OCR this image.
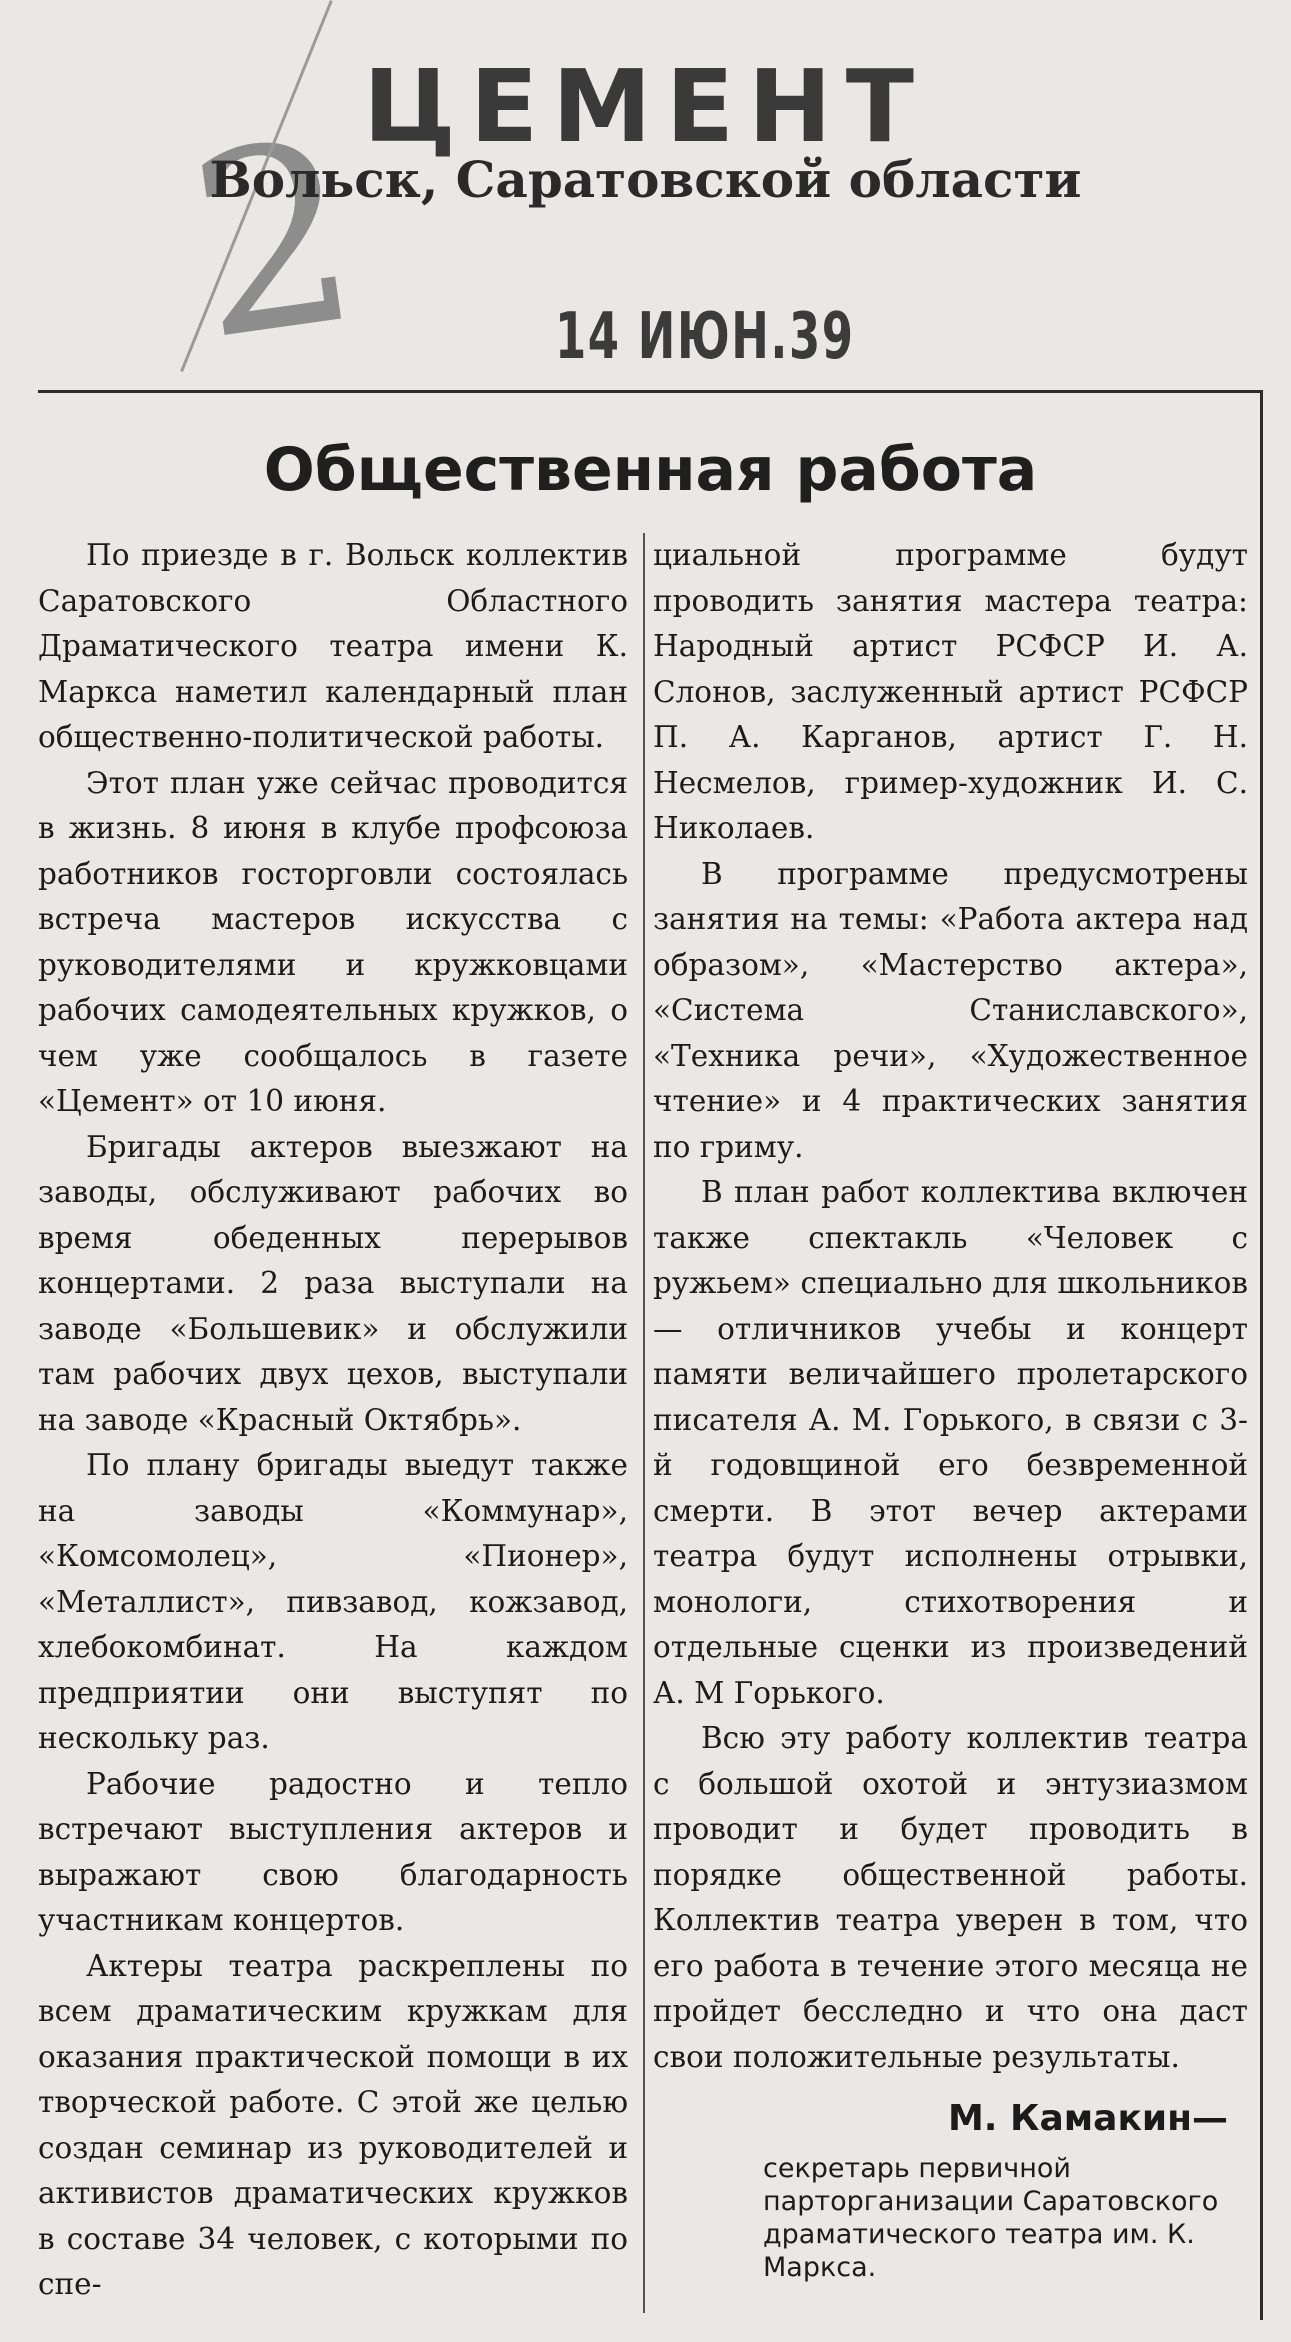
2
ЦЕМЕНТ
Вольск, Саратовской области
14 ИЮН.39
Общественная работа

По приезде в г. Вольск коллектив Саратовского Областного Драматического театра имени К. Маркса наметил календарный план общественно-политической работы.

Этот план уже сейчас проводится в жизнь. 8 июня в клубе профсоюза работников госторговли состоялась встреча мастеров искусства с руководителями и кружковцами рабочих самодеятельных кружков, о чем уже сообщалось в газете «Цемент» от 10 июня.

Бригады актеров выезжают на заводы, обслуживают рабочих во время обеденных перерывов концертами. 2 раза выступали на заводе «Большевик» и обслужили там рабочих двух цехов, выступали на заводе «Красный Октябрь».

По плану бригады выедут также на заводы «Коммунар», «Комсомолец», «Пионер», «Металлист», пивзавод, кожзавод, хлебокомбинат. На каждом предприятии они выступят по нескольку раз.

Рабочие радостно и тепло встречают выступления актеров и выражают свою благодарность участникам концертов.

Актеры театра раскреплены по всем драматическим кружкам для оказания практической помощи в их творческой работе. С этой же целью создан семинар из руководителей и активистов драматических кружков в составе 34 человек, с которыми по спе-

циальной программе будут проводить занятия мастера театра: Народный артист РСФСР И. А. Слонов, заслуженный артист РСФСР П. А. Карганов, артист Г. Н. Несмелов, гример-художник И. С. Николаев.

В программе предусмотрены занятия на темы: «Работа актера над образом», «Мастерство актера», «Система Станиславского», «Техника речи», «Художественное чтение» и 4 практических занятия по гриму.

В план работ коллектива включен также спектакль «Человек с ружьем» специально для школьников — отличников учебы и концерт памяти величайшего пролетарского писателя А. М. Горького, в связи с 3-й годовщиной его безвременной смерти. В этот вечер актерами театра будут исполнены отрывки, монологи, стихотворения и отдельные сценки из произведений А. М Горького.

Всю эту работу коллектив театра с большой охотой и энтузиазмом проводит и будет проводить в порядке общественной работы. Коллектив театра уверен в том, что его работа в течение этого месяца не пройдет бесследно и что она даст свои положительные результаты.

М. Камакин—
секретарь первичной парторганизации Саратовского драматического театра им. К. Маркса.
